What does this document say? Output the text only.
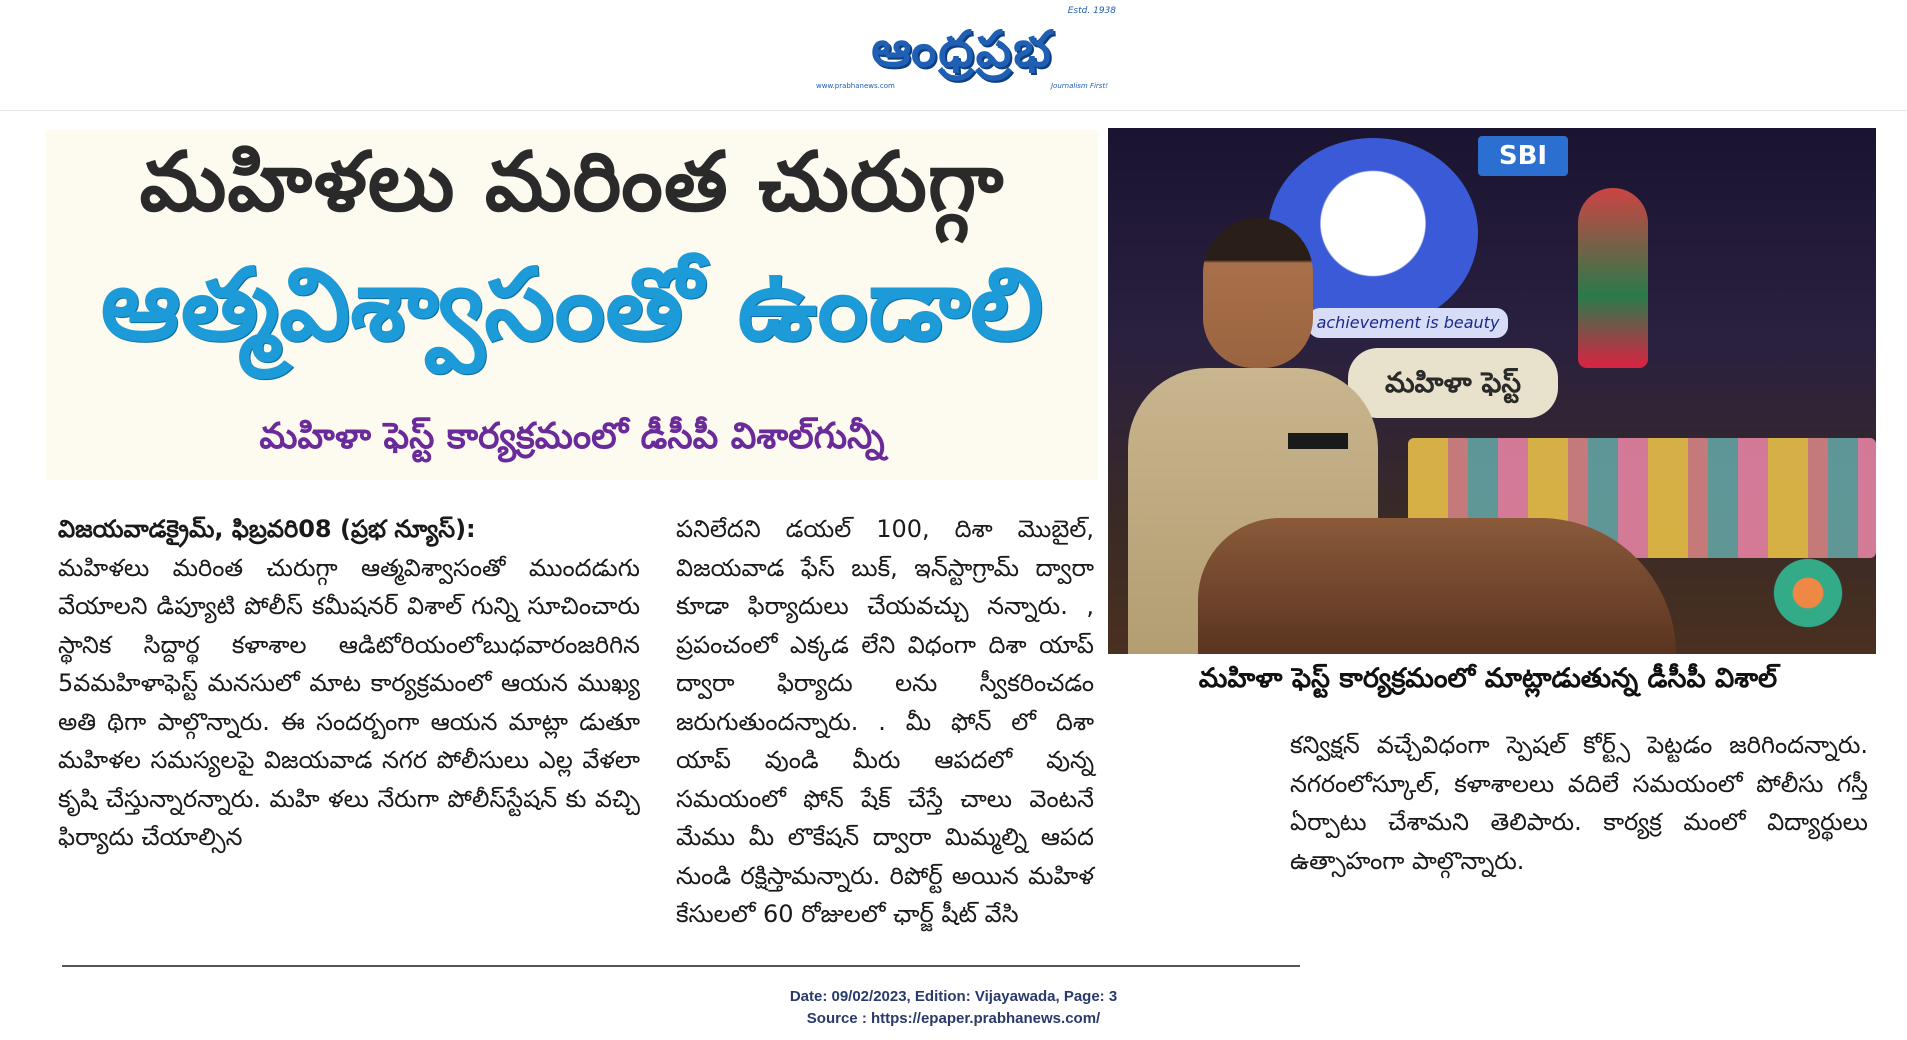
ఆంధ్రప్రభ
Estd. 1938
www.prabhanews.com	Journalism First!
మహిళలు మరింత చురుగ్గా
ఆత్మవిశ్వాసంతో ఉండాలి
మహిళా ఫెస్ట్ కార్యక్రమంలో డీసీపీ విశాల్‌గున్నీ
SBI
achievement is beauty
మహిళా ఫెస్ట్
మహిళా ఫెస్ట్ కార్యక్రమంలో మాట్లాడుతున్న డీసీపీ విశాల్
విజయవాడక్రైమ్, ఫిబ్రవరి08 (ప్రభ న్యూస్):
మహిళలు మరింత చురుగ్గా ఆత్మవిశ్వాసంతో ముందడుగు వేయాలని డిప్యూటి పోలీస్ కమీషనర్ విశాల్ గున్ని సూచించారు స్థానిక సిద్దార్థ కళాశాల ఆడిటోరియంలోబుధవారంజరిగిన 5వమహిళాఫెస్ట్ మనసులో మాట కార్యక్రమంలో ఆయన ముఖ్య అతి థిగా పాల్గొన్నారు. ఈ సందర్బంగా ఆయన మాట్లా డుతూ మహిళల సమస్యలపై విజయవాడ నగర పోలీసులు ఎల్ల వేళలా కృషి చేస్తున్నారన్నారు. మహి ళలు నేరుగా పోలీస్‌స్టేషన్‌ కు వచ్చి ఫిర్యాదు చేయాల్సిన
పనిలేదని డయల్ 100, దిశా మొబైల్, విజయవాడ ఫేస్ బుక్, ఇన్‌స్టాగ్రామ్ ద్వారా కూడా ఫిర్యాదులు చేయవచ్చు నన్నారు. , ప్రపంచంలో ఎక్కడ లేని విధంగా దిశా యాప్ ద్వారా ఫిర్యాదు లను స్వీకరించడం జరుగుతుందన్నారు. . మీ ఫోన్ లో దిశా యాప్ వుండి మీరు ఆపదలో వున్న సమయంలో ఫోన్ షేక్ చేస్తే చాలు వెంటనే మేము మీ లొకేషన్ ద్వారా మిమ్మల్ని ఆపద నుండి రక్షిస్తామన్నారు. రిపోర్ట్ అయిన మహిళ కేసులలో 60 రోజులలో ఛార్జ్ షీట్ వేసి
కన్విక్షన్ వచ్చేవిధంగా స్పెషల్ కోర్ట్స్ పెట్టడం జరిగిందన్నారు. నగరంలోస్కూల్, కళాశాలలు వదిలే సమయంలో పోలీసు గస్తీ ఏర్పాటు చేశామని తెలిపారు. కార్యక్ర మంలో విద్యార్థులు ఉత్సాహంగా పాల్గొన్నారు.
Date: 09/02/2023, Edition: Vijayawada, Page: 3
Source : https://epaper.prabhanews.com/
